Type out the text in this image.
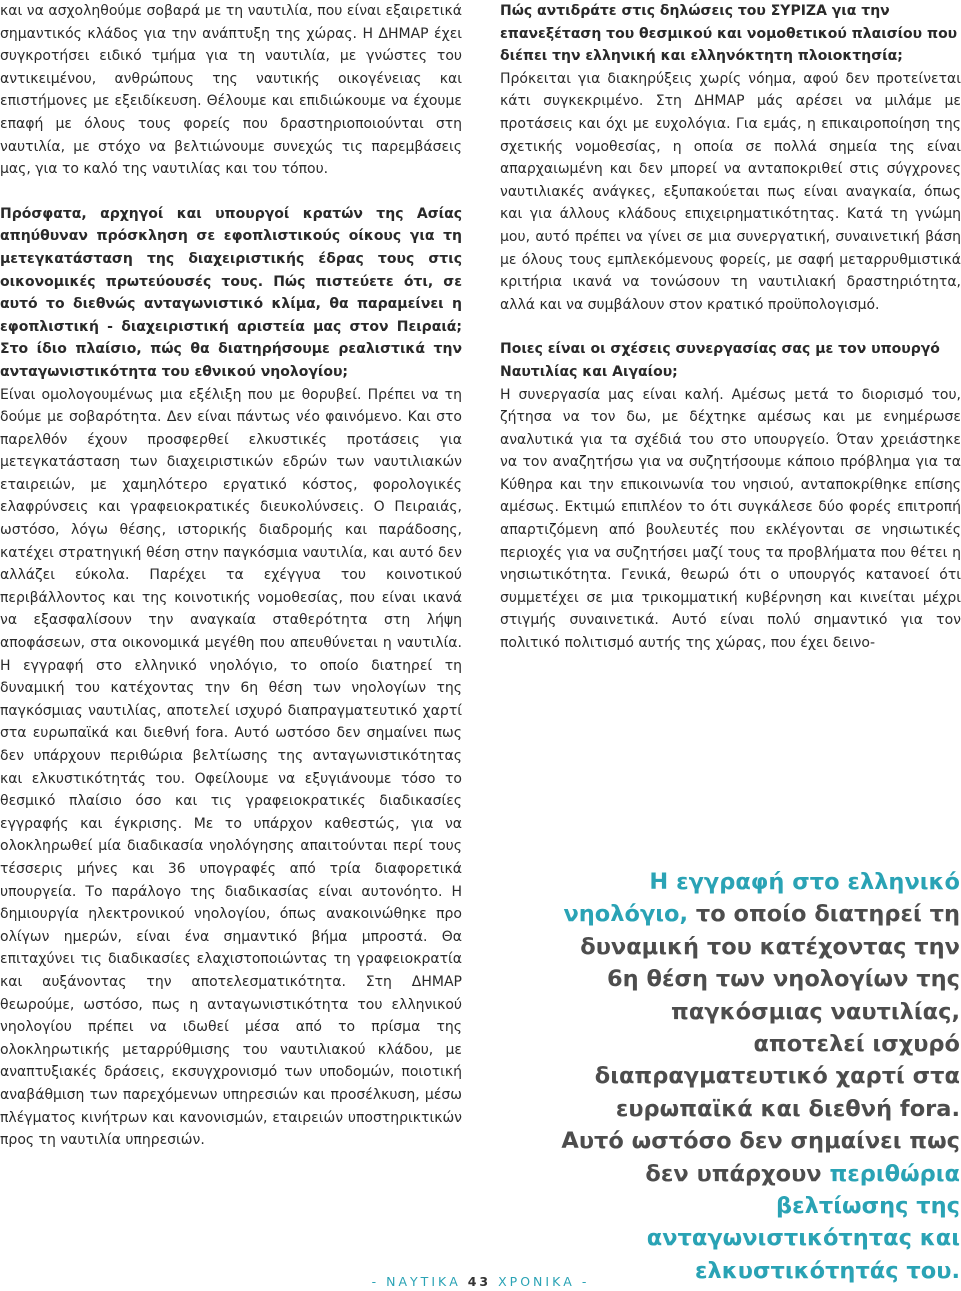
και να ασχοληθούμε σοβαρά με τη ναυτιλία, που είναι εξαιρετικά σημαντικός κλάδος για την ανάπτυξη της χώρας. Η ΔΗΜΑΡ έχει συγκροτήσει ειδικό τμήμα για τη ναυτιλία, με γνώστες του αντικειμένου, ανθρώπους της ναυτικής οικογένειας και επιστήμονες με εξειδίκευση. Θέλουμε και επιδιώκουμε να έχουμε επαφή με όλους τους φορείς που δραστηριοποιούνται στη ναυτιλία, με στόχο να βελτιώνουμε συνεχώς τις παρεμβάσεις μας, για το καλό της ναυτιλίας και του τόπου.

Πρόσφατα, αρχηγοί και υπουργοί κρατών της Ασίας απηύθυναν πρόσκληση σε εφοπλιστικούς οίκους για τη μετεγκατάσταση της διαχειριστικής έδρας τους στις οικονομικές πρωτεύουσές τους. Πώς πιστεύετε ότι, σε αυτό το διεθνώς ανταγωνιστικό κλίμα, θα παραμείνει η εφοπλιστική - διαχειριστική αριστεία μας στον Πειραιά; Στο ίδιο πλαίσιο, πώς θα διατηρήσουμε ρεαλιστικά την ανταγωνιστικότητα του εθνικού νηολογίου;
Είναι ομολογουμένως μια εξέλιξη που με θορυβεί. Πρέπει να τη δούμε με σοβαρότητα. Δεν είναι πάντως νέο φαινόμενο. Και στο παρελθόν έχουν προσφερθεί ελκυστικές προτάσεις για μετεγκατάσταση των διαχειριστικών εδρών των ναυτιλιακών εταιρειών, με χαμηλότερο εργατικό κόστος, φορολογικές ελαφρύνσεις και γραφειοκρατικές διευκολύνσεις. Ο Πειραιάς, ωστόσο, λόγω θέσης, ιστορικής διαδρομής και παράδοσης, κατέχει στρατηγική θέση στην παγκόσμια ναυτιλία, και αυτό δεν αλλάζει εύκολα. Παρέχει τα εχέγγυα του κοινοτικού περιβάλλοντος και της κοινοτικής νομοθεσίας, που είναι ικανά να εξασφαλίσουν την αναγκαία σταθερότητα στη λήψη αποφάσεων, στα οικονομικά μεγέθη που απευθύνεται η ναυτιλία. Η εγγραφή στο ελληνικό νηολόγιο, το οποίο διατηρεί τη δυναμική του κατέχοντας την 6η θέση των νηολογίων της παγκόσμιας ναυτιλίας, αποτελεί ισχυρό διαπραγματευτικό χαρτί στα ευρωπαϊκά και διεθνή fora. Αυτό ωστόσο δεν σημαίνει πως δεν υπάρχουν περιθώρια βελτίωσης της ανταγωνιστικότητας και ελκυστικότητάς του. Οφείλουμε να εξυγιάνουμε τόσο το θεσμικό πλαίσιο όσο και τις γραφειοκρατικές διαδικασίες εγγραφής και έγκρισης. Με το υπάρχον καθεστώς, για να ολοκληρωθεί μία διαδικασία νηολόγησης απαιτούνται περί τους τέσσερις μήνες και 36 υπογραφές από τρία διαφορετικά υπουργεία. Το παράλογο της διαδικασίας είναι αυτονόητο. Η δημιουργία ηλεκτρονικού νηολογίου, όπως ανακοινώθηκε προ ολίγων ημερών, είναι ένα σημαντικό βήμα μπροστά. Θα επιταχύνει τις διαδικασίες ελαχιστοποιώντας τη γραφειοκρατία και αυξάνοντας την αποτελεσματικότητα. Στη ΔΗΜΑΡ θεωρούμε, ωστόσο, πως η ανταγωνιστικότητα του ελληνικού νηολογίου πρέπει να ιδωθεί μέσα από το πρίσμα της ολοκληρωτικής μεταρρύθμισης του ναυτιλιακού κλάδου, με αναπτυξιακές δράσεις, εκσυγχρονισμό των υποδομών, ποιοτική αναβάθμιση των παρεχόμενων υπηρεσιών και προσέλκυση, μέσω πλέγματος κινήτρων και κανονισμών, εταιρειών υποστηρικτικών προς τη ναυτιλία υπηρεσιών.

Πώς αντιδράτε στις δηλώσεις του ΣΥΡΙΖΑ για την επανεξέταση του θεσμικού και νομοθετικού πλαισίου που διέπει την ελληνική και ελληνόκτητη πλοιοκτησία;
Πρόκειται για διακηρύξεις χωρίς νόημα, αφού δεν προτείνεται κάτι συγκεκριμένο. Στη ΔΗΜΑΡ μάς αρέσει να μιλάμε με προτάσεις και όχι με ευχολόγια. Για εμάς, η επικαιροποίηση της σχετικής νομοθεσίας, η οποία σε πολλά σημεία της είναι απαρχαιωμένη και δεν μπορεί να ανταποκριθεί στις σύγχρονες ναυτιλιακές ανάγκες, εξυπακούεται πως είναι αναγκαία, όπως και για άλλους κλάδους επιχειρηματικότητας. Κατά τη γνώμη μου, αυτό πρέπει να γίνει σε μια συνεργατική, συναινετική βάση με όλους τους εμπλεκόμενους φορείς, με σαφή μεταρρυθμιστικά κριτήρια ικανά να τονώσουν τη ναυτιλιακή δραστηριότητα, αλλά και να συμβάλουν στον κρατικό προϋπολογισμό.

Ποιες είναι οι σχέσεις συνεργασίας σας με τον υπουργό Ναυτιλίας και Αιγαίου;
Η συνεργασία μας είναι καλή. Αμέσως μετά το διορισμό του, ζήτησα να τον δω, με δέχτηκε αμέσως και με ενημέρωσε αναλυτικά για τα σχέδιά του στο υπουργείο. Όταν χρειάστηκε να τον αναζητήσω για να συζητήσουμε κάποιο πρόβλημα για τα Κύθηρα και την επικοινωνία του νησιού, ανταποκρίθηκε επίσης αμέσως. Εκτιμώ επιπλέον το ότι συγκάλεσε δύο φορές επιτροπή απαρτιζόμενη από βουλευτές που εκλέγονται σε νησιωτικές περιοχές για να συζητήσει μαζί τους τα προβλήματα που θέτει η νησιωτικότητα. Γενικά, θεωρώ ότι ο υπουργός κατανοεί ότι συμμετέχει σε μια τρικομματική κυβέρνηση και κινείται μέχρι στιγμής συναινετικά. Αυτό είναι πολύ σημαντικό για τον πολιτικό πολιτισμό αυτής της χώρας, που έχει δεινο-

Η εγγραφή στο ελληνικό νηολόγιο, το οποίο διατηρεί τη δυναμική του κατέχοντας την 6η θέση των νηολογίων της παγκόσμιας ναυτιλίας, αποτελεί ισχυρό διαπραγματευτικό χαρτί στα ευρωπαϊκά και διεθνή fora. Αυτό ωστόσο δεν σημαίνει πως δεν υπάρχουν περιθώρια βελτίωσης της ανταγωνιστικότητας και ελκυστικότητάς του.
- ΝΑΥΤΙΚΑ 43 ΧΡΟΝΙΚΑ -
